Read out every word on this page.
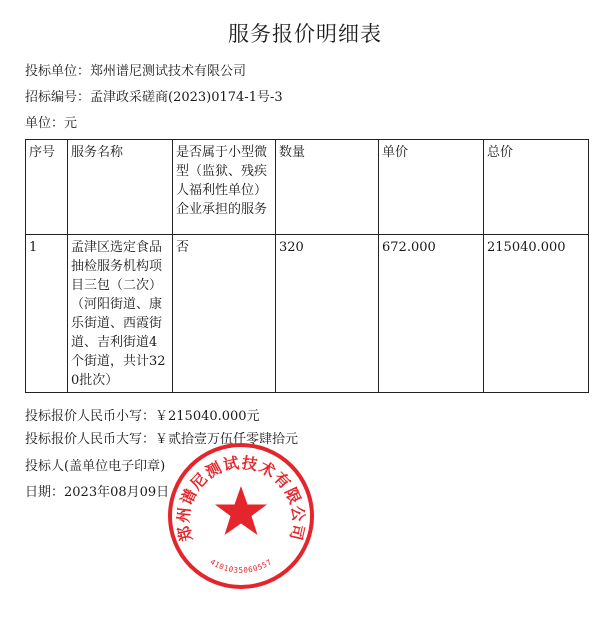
服务报价明细表
投标单位：郑州谱尼测试技术有限公司
招标编号：孟津政采磋商(2023)0174-1号-3
单位：元
序号	服务名称	是否属于小型微型（监狱、残疾人福利性单位）企业承担的服务	数量	单价	总价
1	孟津区选定食品抽检服务机构项目三包（二次）（河阳街道、康乐街道、西霞街道、吉利街道4个街道，共计320批次）	否	320	672.000	215040.000
投标报价人民币小写：￥215040.000元
投标报价人民币大写：￥贰拾壹万伍仟零肆拾元
投标人(盖单位电子印章)
日期：2023年08月09日
郑州谱尼测试技术有限公司
4101035060557
